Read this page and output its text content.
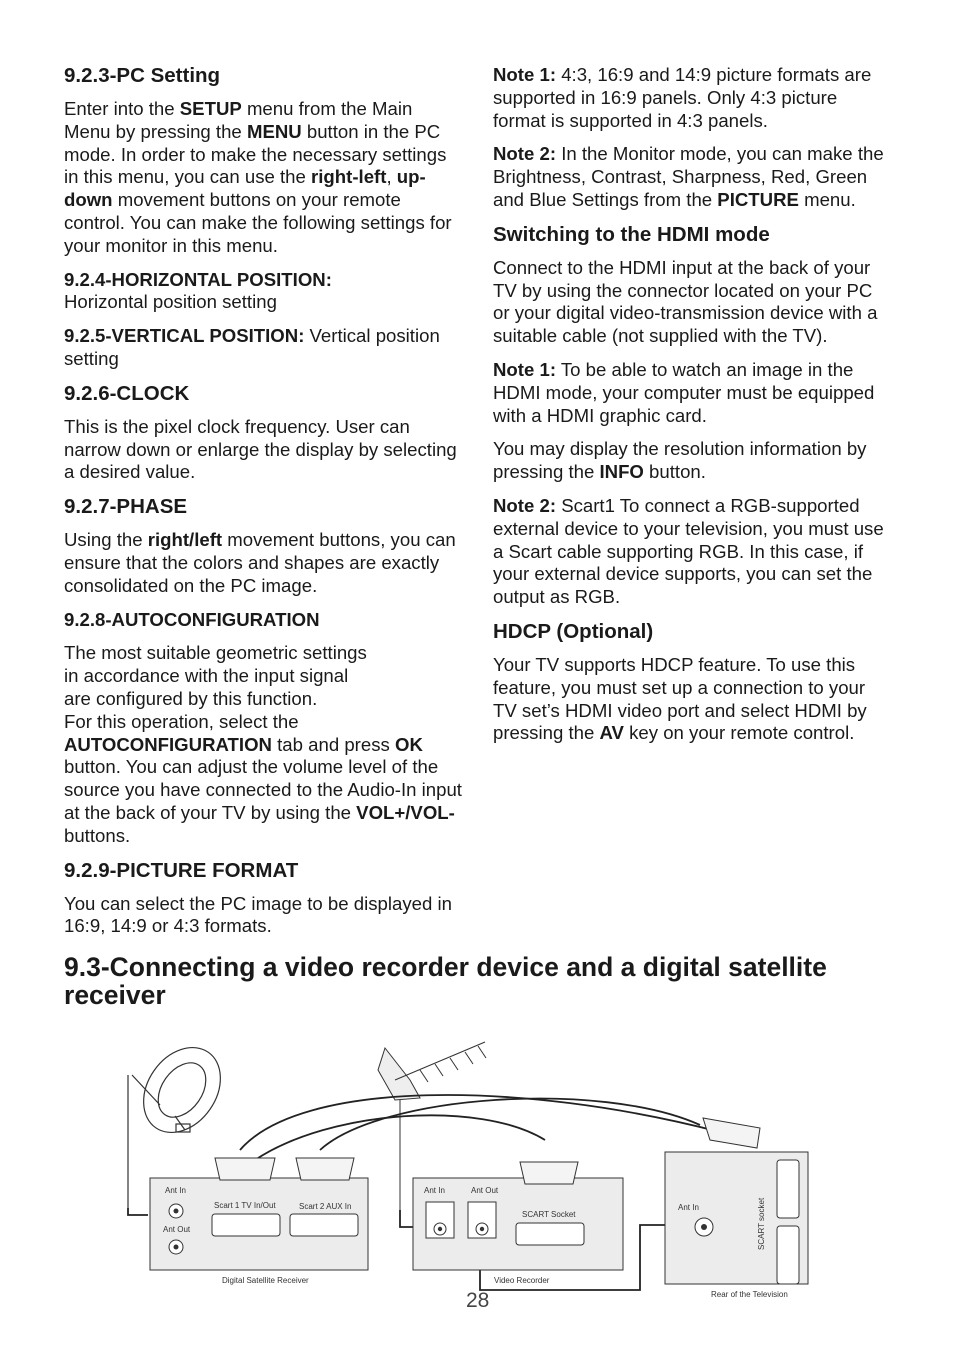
9.2.3-PC Setting

Enter into the SETUP menu from the Main Menu by pressing the MENU button in the PC mode. In order to make the necessary settings in this menu, you can use the right-left, up-down movement buttons on your remote control. You can make the following settings for your monitor in this menu.

9.2.4-HORIZONTAL POSITION:
Horizontal position setting

9.2.5-VERTICAL POSITION: Vertical position setting

9.2.6-CLOCK

This is the pixel clock frequency. User can narrow down or enlarge the display by selecting a desired value.

9.2.7-PHASE

Using the right/left movement buttons, you can ensure that the colors and shapes are exactly consolidated on the PC image.

9.2.8-AUTOCONFIGURATION

The most suitable geometric settings
in accordance with the input signal
are configured by this function.
For this operation, select the
AUTOCONFIGURATION tab and press OK button. You can adjust the volume level of the source you have connected to the Audio-In input at the back of your TV by using the VOL+/VOL- buttons.

9.2.9-PICTURE FORMAT

You can select the PC image to be displayed in 16:9, 14:9 or 4:3 formats.

Note 1: 4:3, 16:9 and 14:9 picture formats are supported in 16:9 panels. Only 4:3 picture format is supported in 4:3 panels.

Note 2: In the Monitor mode, you can make the Brightness, Contrast, Sharpness, Red, Green and Blue Settings from the PICTURE menu.

Switching to the HDMI mode

Connect to the HDMI input at the back of your TV by using the connector located on your PC or your digital video-transmission device with a suitable cable (not supplied with the TV).

Note 1: To be able to watch an image in the HDMI mode, your computer must be equipped with a HDMI graphic card.

You may display the resolution information by pressing the INFO button.

Note 2: Scart1 To connect a RGB-supported external device to your television, you must use a Scart cable supporting RGB. In this case, if your external device supports, you can set the output as RGB.

HDCP (Optional)

Your TV supports HDCP feature. To use this feature, you must set up a connection to your TV set’s HDMI video port and select HDMI by pressing the AV key on your remote control.

9.3-Connecting a video recorder device and a digital satellite receiver
Ant In
Ant Out
Scart 1 TV In/Out	Scart 2 AUX In
Digital Satellite Receiver
Ant In	Ant Out
SCART Socket
Video Recorder
Ant In	SCART socket
Rear of the Television
28
